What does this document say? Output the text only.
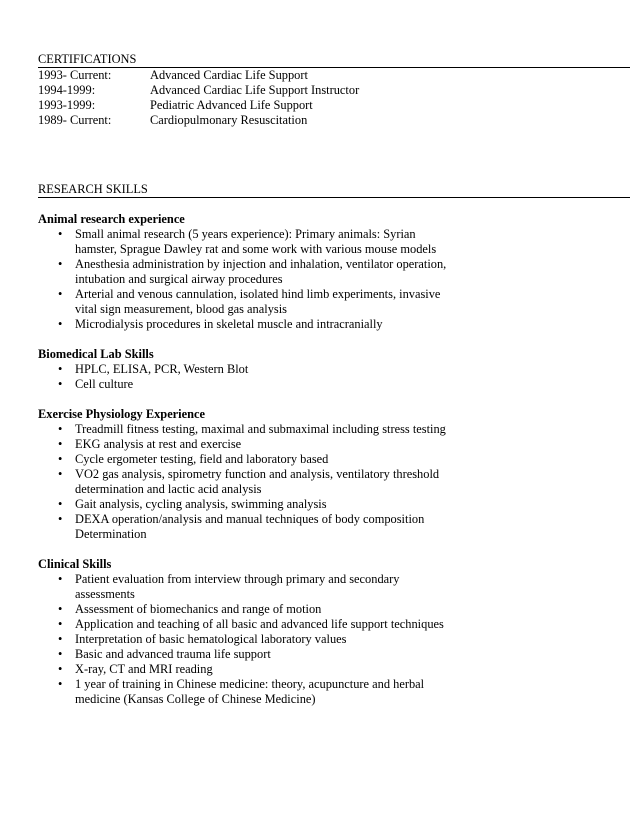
CERTIFICATIONS
1993- Current:	Advanced Cardiac Life Support
1994-1999:	Advanced Cardiac Life Support Instructor
1993-1999:	Pediatric Advanced Life Support
1989- Current:	Cardiopulmonary Resuscitation
RESEARCH SKILLS
Animal research experience
• Small animal research (5 years experience): Primary animals: Syrian hamster, Sprague Dawley rat and some work with various mouse models
• Anesthesia administration by injection and inhalation, ventilator operation, intubation and surgical airway procedures
• Arterial and venous cannulation, isolated hind limb experiments, invasive vital sign measurement, blood gas analysis
• Microdialysis procedures in skeletal muscle and intracranially
Biomedical Lab Skills
• HPLC, ELISA, PCR, Western Blot
• Cell culture
Exercise Physiology Experience
• Treadmill fitness testing, maximal and submaximal including stress testing
• EKG analysis at rest and exercise
• Cycle ergometer testing, field and laboratory based
• VO2 gas analysis, spirometry function and analysis, ventilatory threshold determination and lactic acid analysis
• Gait analysis, cycling analysis, swimming analysis
• DEXA operation/analysis and manual techniques of body composition Determination
Clinical Skills
• Patient evaluation from interview through primary and secondary assessments
• Assessment of biomechanics and range of motion
• Application and teaching of all basic and advanced life support techniques
• Interpretation of basic hematological laboratory values
• Basic and advanced trauma life support
• X-ray, CT and MRI reading
• 1 year of training in Chinese medicine: theory, acupuncture and herbal medicine (Kansas College of Chinese Medicine)
